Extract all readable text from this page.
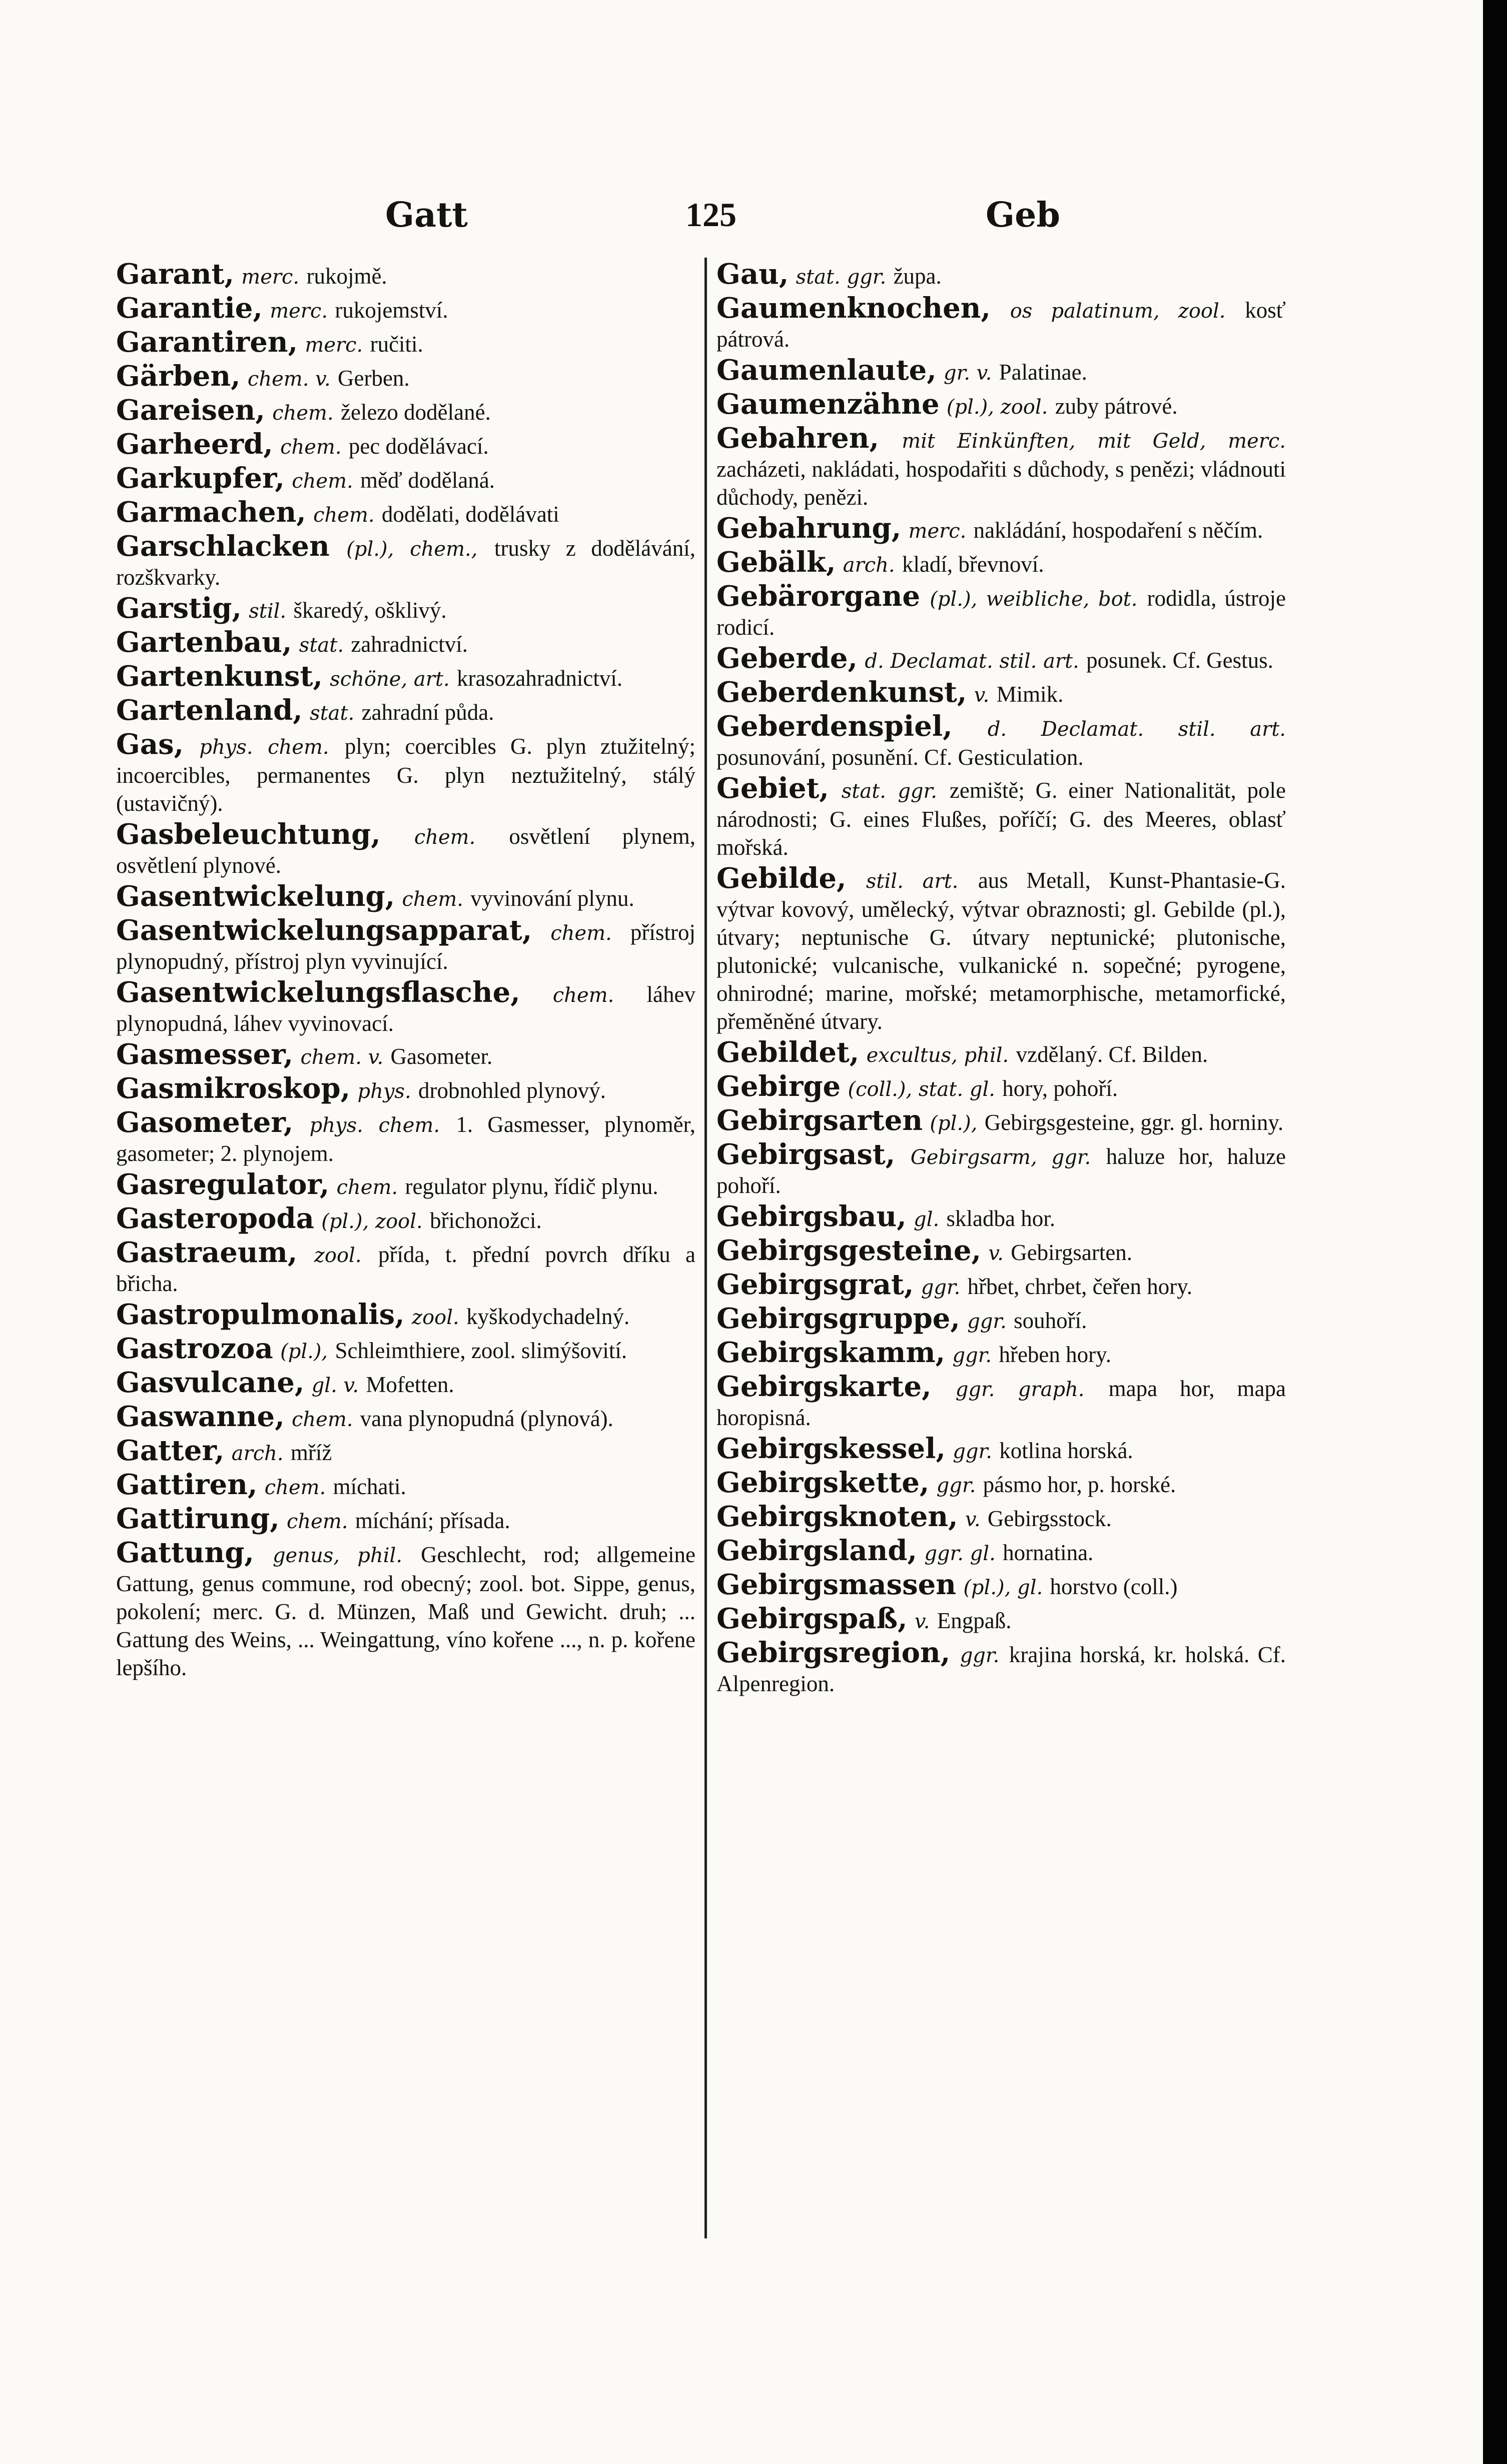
Gatt	125	Geb
Garant, merc. rukojmě.
Garantie, merc. rukojemství.
Garantiren, merc. ručiti.
Gärben, chem. v. Gerben.
Gareisen, chem. železo dodělané.
Garheerd, chem. pec dodělávací.
Garkupfer, chem. měď dodělaná.
Garmachen, chem. dodělati, dodělávati
Garschlacken (pl.), chem., trusky z dodělávání, rozškvarky.
Garstig, stil. škaredý, ošklivý.
Gartenbau, stat. zahradnictví.
Gartenkunst, schöne, art. krasozahradnictví.
Gartenland, stat. zahradní půda.
Gas, phys. chem. plyn; coercibles G. plyn ztužitelný; incoercibles, permanentes G. plyn neztužitelný, stálý (ustavičný).
Gasbeleuchtung, chem. osvětlení plynem, osvětlení plynové.
Gasentwickelung, chem. vyvinování plynu.
Gasentwickelungsapparat, chem. přístroj plynopudný, přístroj plyn vyvinující.
Gasentwickelungsflasche, chem. láhev plynopudná, láhev vyvinovací.
Gasmesser, chem. v. Gasometer.
Gasmikroskop, phys. drobnohled plynový.
Gasometer, phys. chem. 1. Gasmesser, plynoměr, gasometer; 2. plynojem.
Gasregulator, chem. regulator plynu, řídič plynu.
Gasteropoda (pl.), zool. břichonožci.
Gastraeum, zool. přída, t. přední povrch dříku a břicha.
Gastropulmonalis, zool. kyškodychadelný.
Gastrozoa (pl.), Schleimthiere, zool. slimýšovití.
Gasvulcane, gl. v. Mofetten.
Gaswanne, chem. vana plynopudná (plynová).
Gatter, arch. mříž
Gattiren, chem. míchati.
Gattirung, chem. míchání; přísada.
Gattung, genus, phil. Geschlecht, rod; allgemeine Gattung, genus commune, rod obecný; zool. bot. Sippe, genus, pokolení; merc. G. d. Münzen, Maß und Gewicht. druh; ... Gattung des Weins, ... Weingattung, víno kořene ..., n. p. kořene lepšího.
Gau, stat. ggr. župa.
Gaumenknochen, os palatinum, zool. kosť pátrová.
Gaumenlaute, gr. v. Palatinae.
Gaumenzähne (pl.), zool. zuby pátrové.
Gebahren, mit Einkünften, mit Geld, merc. zacházeti, nakládati, hospodařiti s důchody, s penězi; vládnouti důchody, penězi.
Gebahrung, merc. nakládání, hospodaření s něčím.
Gebälk, arch. kladí, břevnoví.
Gebärorgane (pl.), weibliche, bot. rodidla, ústroje rodicí.
Geberde, d. Declamat. stil. art. posunek. Cf. Gestus.
Geberdenkunst, v. Mimik.
Geberdenspiel, d. Declamat. stil. art. posunování, posunění. Cf. Gesticulation.
Gebiet, stat. ggr. zemiště; G. einer Nationalität, pole národnosti; G. eines Flußes, poříčí; G. des Meeres, oblasť mořská.
Gebilde, stil. art. aus Metall, Kunst-Phantasie-G. výtvar kovový, umělecký, výtvar obraznosti; gl. Gebilde (pl.), útvary; neptunische G. útvary neptunické; plutonische, plutonické; vulcanische, vulkanické n. sopečné; pyrogene, ohnirodné; marine, mořské; metamorphische, metamorfické, přeměněné útvary.
Gebildet, excultus, phil. vzdělaný. Cf. Bilden.
Gebirge (coll.), stat. gl. hory, pohoří.
Gebirgsarten (pl.), Gebirgsgesteine, ggr. gl. horniny.
Gebirgsast, Gebirgsarm, ggr. haluze hor, haluze pohoří.
Gebirgsbau, gl. skladba hor.
Gebirgsgesteine, v. Gebirgsarten.
Gebirgsgrat, ggr. hřbet, chrbet, čeřen hory.
Gebirgsgruppe, ggr. souhoří.
Gebirgskamm, ggr. hřeben hory.
Gebirgskarte, ggr. graph. mapa hor, mapa horopisná.
Gebirgskessel, ggr. kotlina horská.
Gebirgskette, ggr. pásmo hor, p. horské.
Gebirgsknoten, v. Gebirgsstock.
Gebirgsland, ggr. gl. hornatina.
Gebirgsmassen (pl.), gl. horstvo (coll.)
Gebirgspaß, v. Engpaß.
Gebirgsregion, ggr. krajina horská, kr. holská. Cf. Alpenregion.
